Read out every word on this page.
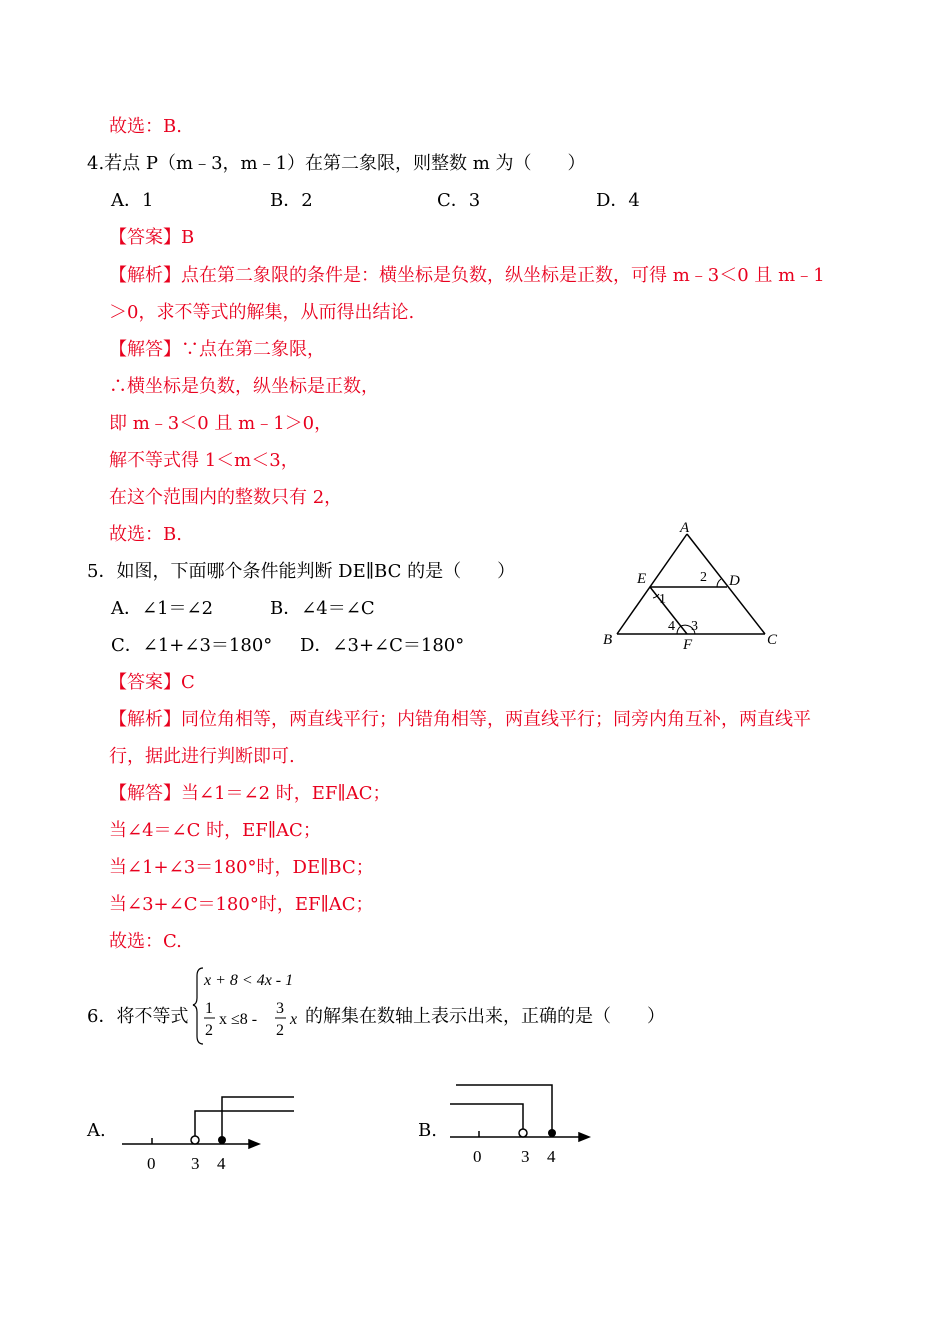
故选：B.
4.若点 P（m﹣3，m﹣1）在第二象限，则整数 m 为（　　）
A．1	B．2	C．3	D．4
【答案】B
【解析】点在第二象限的条件是：横坐标是负数，纵坐标是正数，可得 m﹣3＜0 且 m﹣1
＞0，求不等式的解集，从而得出结论.
【解答】∵点在第二象限，
∴横坐标是负数，纵坐标是正数，
即 m﹣3＜0 且 m﹣1＞0，
解不等式得 1＜m＜3，
在这个范围内的整数只有 2，
故选：B.
5．如图，下面哪个条件能判断 DE∥BC 的是（　　）
A．∠1＝∠2	B．∠4＝∠C
C．∠1+∠3＝180° D．∠3+∠C＝180°
A
B	C
D
E
F
1
2
3
4
【答案】C
【解析】同位角相等，两直线平行；内错角相等，两直线平行；同旁内角互补，两直线平
行，据此进行判断即可.
【解答】当∠1＝∠2 时，EF∥AC；
当∠4＝∠C 时，EF∥AC；
当∠1+∠3＝180°时，DE∥BC；
当∠3+∠C＝180°时，EF∥AC；
故选：C.
6．将不等式
x + 8 < 4x - 1
1
2
x ≤8 -
3
2
x 的解集在数轴上表示出来，正确的是（　　）
A.
0 3 4
B.
0 3 4
